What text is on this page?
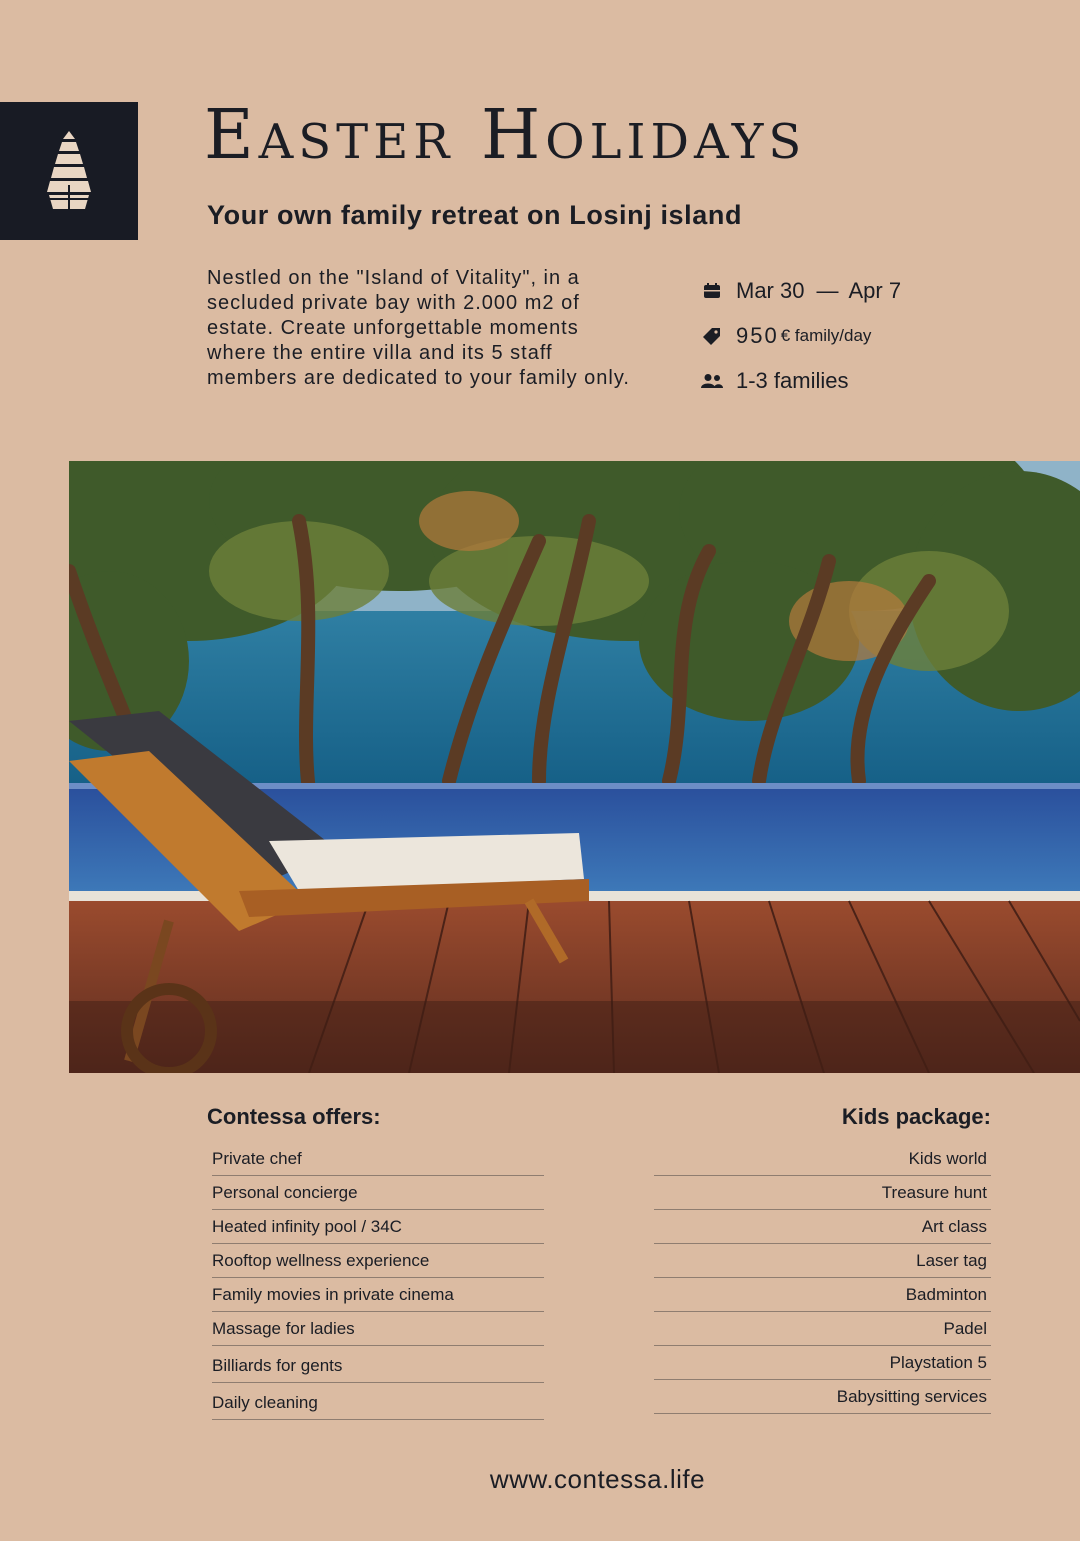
Easter Holidays
Your own family retreat on Losinj island

Nestled on the "Island of Vitality", in a secluded private bay with 2.000 m2 of estate. Create unforgettable moments where the entire villa and its 5 staff members are dedicated to your family only.

Mar 30 — Apr 7
950 € family/day
1-3 families
Contessa offers:
Private chef
Personal concierge
Heated infinity pool / 34C
Rooftop wellness experience
Family movies in private cinema
Massage for ladies
Billiards for gents
Daily cleaning
Kids package:
Kids world
Treasure hunt
Art class
Laser tag
Badminton
Padel
Playstation 5
Babysitting services

www.contessa.life
